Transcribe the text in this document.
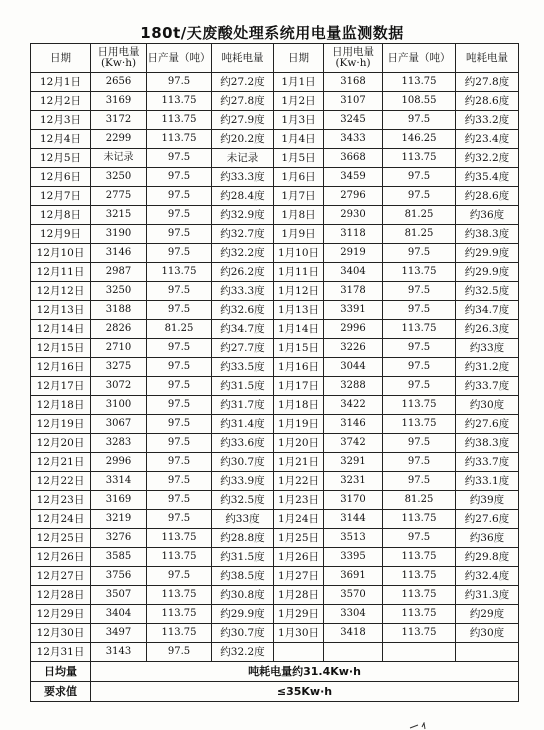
180t/天废酸处理系统用电量监测数据
日期	日用电量
(Kw·h)	日产量（吨）	吨耗电量	日期	日用电量
(Kw·h)	日产量（吨）	吨耗电量
12月1日	2656	97.5	约27.2度	1月1日	3168	113.75	约27.8度
12月2日	3169	113.75	约27.8度	1月2日	3107	108.55	约28.6度
12月3日	3172	113.75	约27.9度	1月3日	3245	97.5	约33.2度
12月4日	2299	113.75	约20.2度	1月4日	3433	146.25	约23.4度
12月5日	未记录	97.5	未记录	1月5日	3668	113.75	约32.2度
12月6日	3250	97.5	约33.3度	1月6日	3459	97.5	约35.4度
12月7日	2775	97.5	约28.4度	1月7日	2796	97.5	约28.6度
12月8日	3215	97.5	约32.9度	1月8日	2930	81.25	约36度
12月9日	3190	97.5	约32.7度	1月9日	3118	81.25	约38.3度
12月10日	3146	97.5	约32.2度	1月10日	2919	97.5	约29.9度
12月11日	2987	113.75	约26.2度	1月11日	3404	113.75	约29.9度
12月12日	3250	97.5	约33.3度	1月12日	3178	97.5	约32.5度
12月13日	3188	97.5	约32.6度	1月13日	3391	97.5	约34.7度
12月14日	2826	81.25	约34.7度	1月14日	2996	113.75	约26.3度
12月15日	2710	97.5	约27.7度	1月15日	3226	97.5	约33度
12月16日	3275	97.5	约33.5度	1月16日	3044	97.5	约31.2度
12月17日	3072	97.5	约31.5度	1月17日	3288	97.5	约33.7度
12月18日	3100	97.5	约31.7度	1月18日	3422	113.75	约30度
12月19日	3067	97.5	约31.4度	1月19日	3146	113.75	约27.6度
12月20日	3283	97.5	约33.6度	1月20日	3742	97.5	约38.3度
12月21日	2996	97.5	约30.7度	1月21日	3291	97.5	约33.7度
12月22日	3314	97.5	约33.9度	1月22日	3231	97.5	约33.1度
12月23日	3169	97.5	约32.5度	1月23日	3170	81.25	约39度
12月24日	3219	97.5	约33度	1月24日	3144	113.75	约27.6度
12月25日	3276	113.75	约28.8度	1月25日	3513	97.5	约36度
12月26日	3585	113.75	约31.5度	1月26日	3395	113.75	约29.8度
12月27日	3756	97.5	约38.5度	1月27日	3691	113.75	约32.4度
12月28日	3507	113.75	约30.8度	1月28日	3570	113.75	约31.3度
12月29日	3404	113.75	约29.9度	1月29日	3304	113.75	约29度
12月30日	3497	113.75	约30.7度	1月30日	3418	113.75	约30度
12月31日	3143	97.5	约32.2度				
日均量	吨耗电量约31.4Kw·h						
要求值	≤35Kw·h						
